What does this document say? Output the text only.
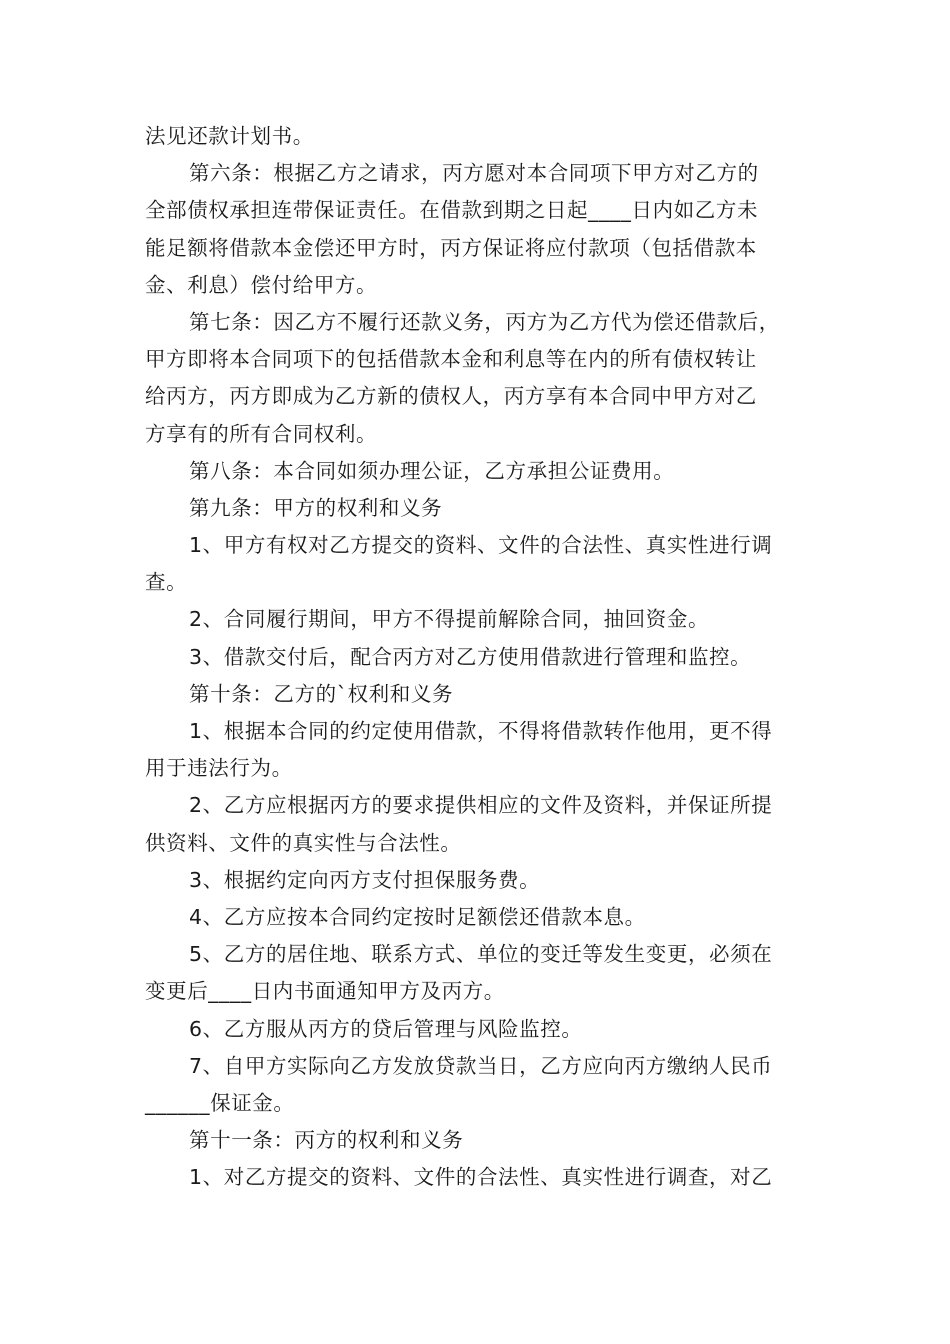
法见还款计划书。
第六条：根据乙方之请求，丙方愿对本合同项下甲方对乙方的
全部债权承担连带保证责任。在借款到期之日起____日内如乙方未
能足额将借款本金偿还甲方时，丙方保证将应付款项（包括借款本
金、利息）偿付给甲方。
第七条：因乙方不履行还款义务，丙方为乙方代为偿还借款后，
甲方即将本合同项下的包括借款本金和利息等在内的所有债权转让
给丙方，丙方即成为乙方新的债权人，丙方享有本合同中甲方对乙
方享有的所有合同权利。
第八条：本合同如须办理公证，乙方承担公证费用。
第九条：甲方的权利和义务
1、甲方有权对乙方提交的资料、文件的合法性、真实性进行调
查。
2、合同履行期间，甲方不得提前解除合同，抽回资金。
3、借款交付后，配合丙方对乙方使用借款进行管理和监控。
第十条：乙方的`权利和义务
1、根据本合同的约定使用借款，不得将借款转作他用，更不得
用于违法行为。
2、乙方应根据丙方的要求提供相应的文件及资料，并保证所提
供资料、文件的真实性与合法性。
3、根据约定向丙方支付担保服务费。
4、乙方应按本合同约定按时足额偿还借款本息。
5、乙方的居住地、联系方式、单位的变迁等发生变更，必须在
变更后____日内书面通知甲方及丙方。
6、乙方服从丙方的贷后管理与风险监控。
7、自甲方实际向乙方发放贷款当日，乙方应向丙方缴纳人民币
______保证金。
第十一条：丙方的权利和义务
1、对乙方提交的资料、文件的合法性、真实性进行调查，对乙
